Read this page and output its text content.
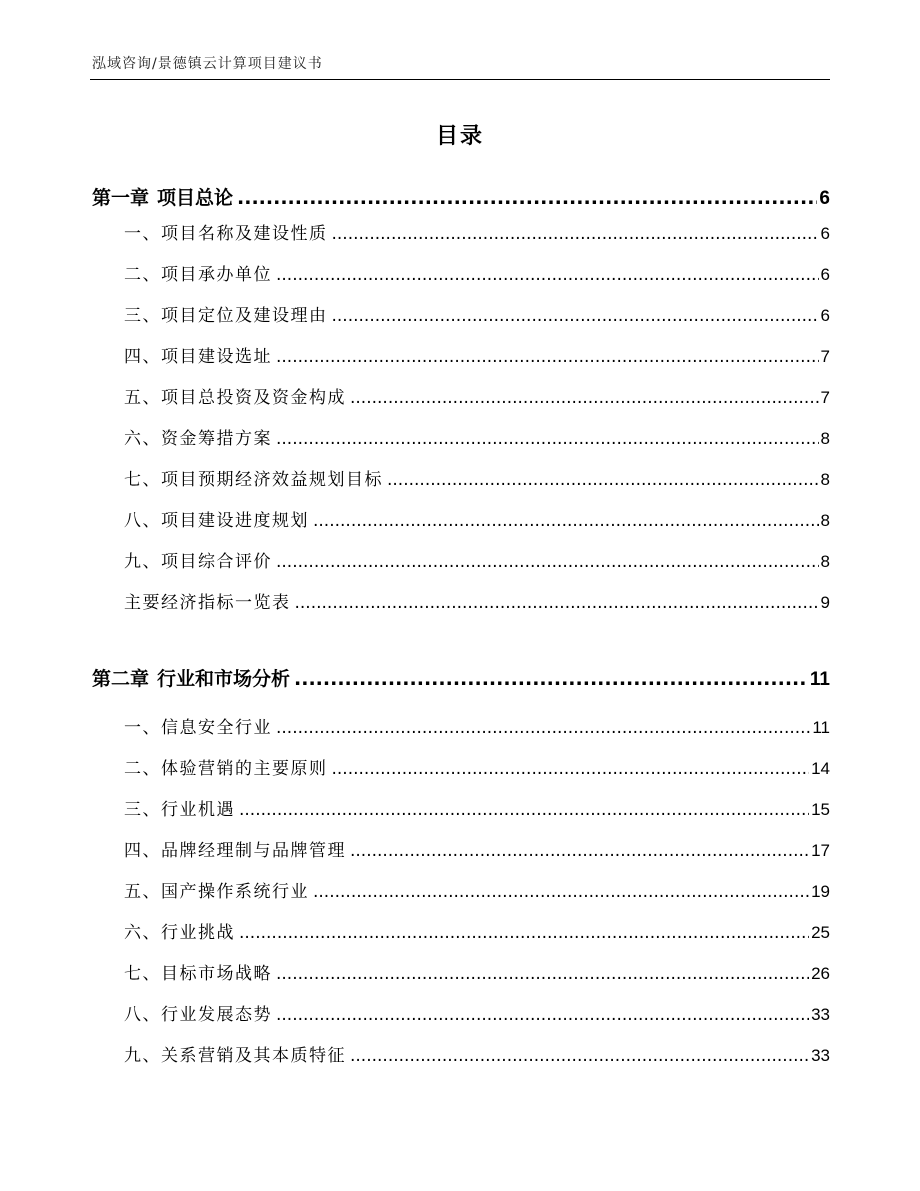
泓域咨询/景德镇云计算项目建议书
目录
第一章 项目总论 .....	6
一、 项目名称及建设性质 .....	6
二、 项目承办单位 .....	6
三、 项目定位及建设理由 .....	6
四、 项目建设选址 .....	7
五、 项目总投资及资金构成 .....	7
六、 资金筹措方案 .....	8
七、 项目预期经济效益规划目标 .....	8
八、 项目建设进度规划 .....	8
九、 项目综合评价 .....	8
主要经济指标一览表 .....	9
第二章 行业和市场分析 .....	11
一、 信息安全行业 .....	11
二、 体验营销的主要原则 .....	14
三、 行业机遇 .....	15
四、 品牌经理制与品牌管理 .....	17
五、 国产操作系统行业 .....	19
六、 行业挑战 .....	25
七、 目标市场战略 .....	26
八、 行业发展态势 .....	33
九、 关系营销及其本质特征 .....	33
